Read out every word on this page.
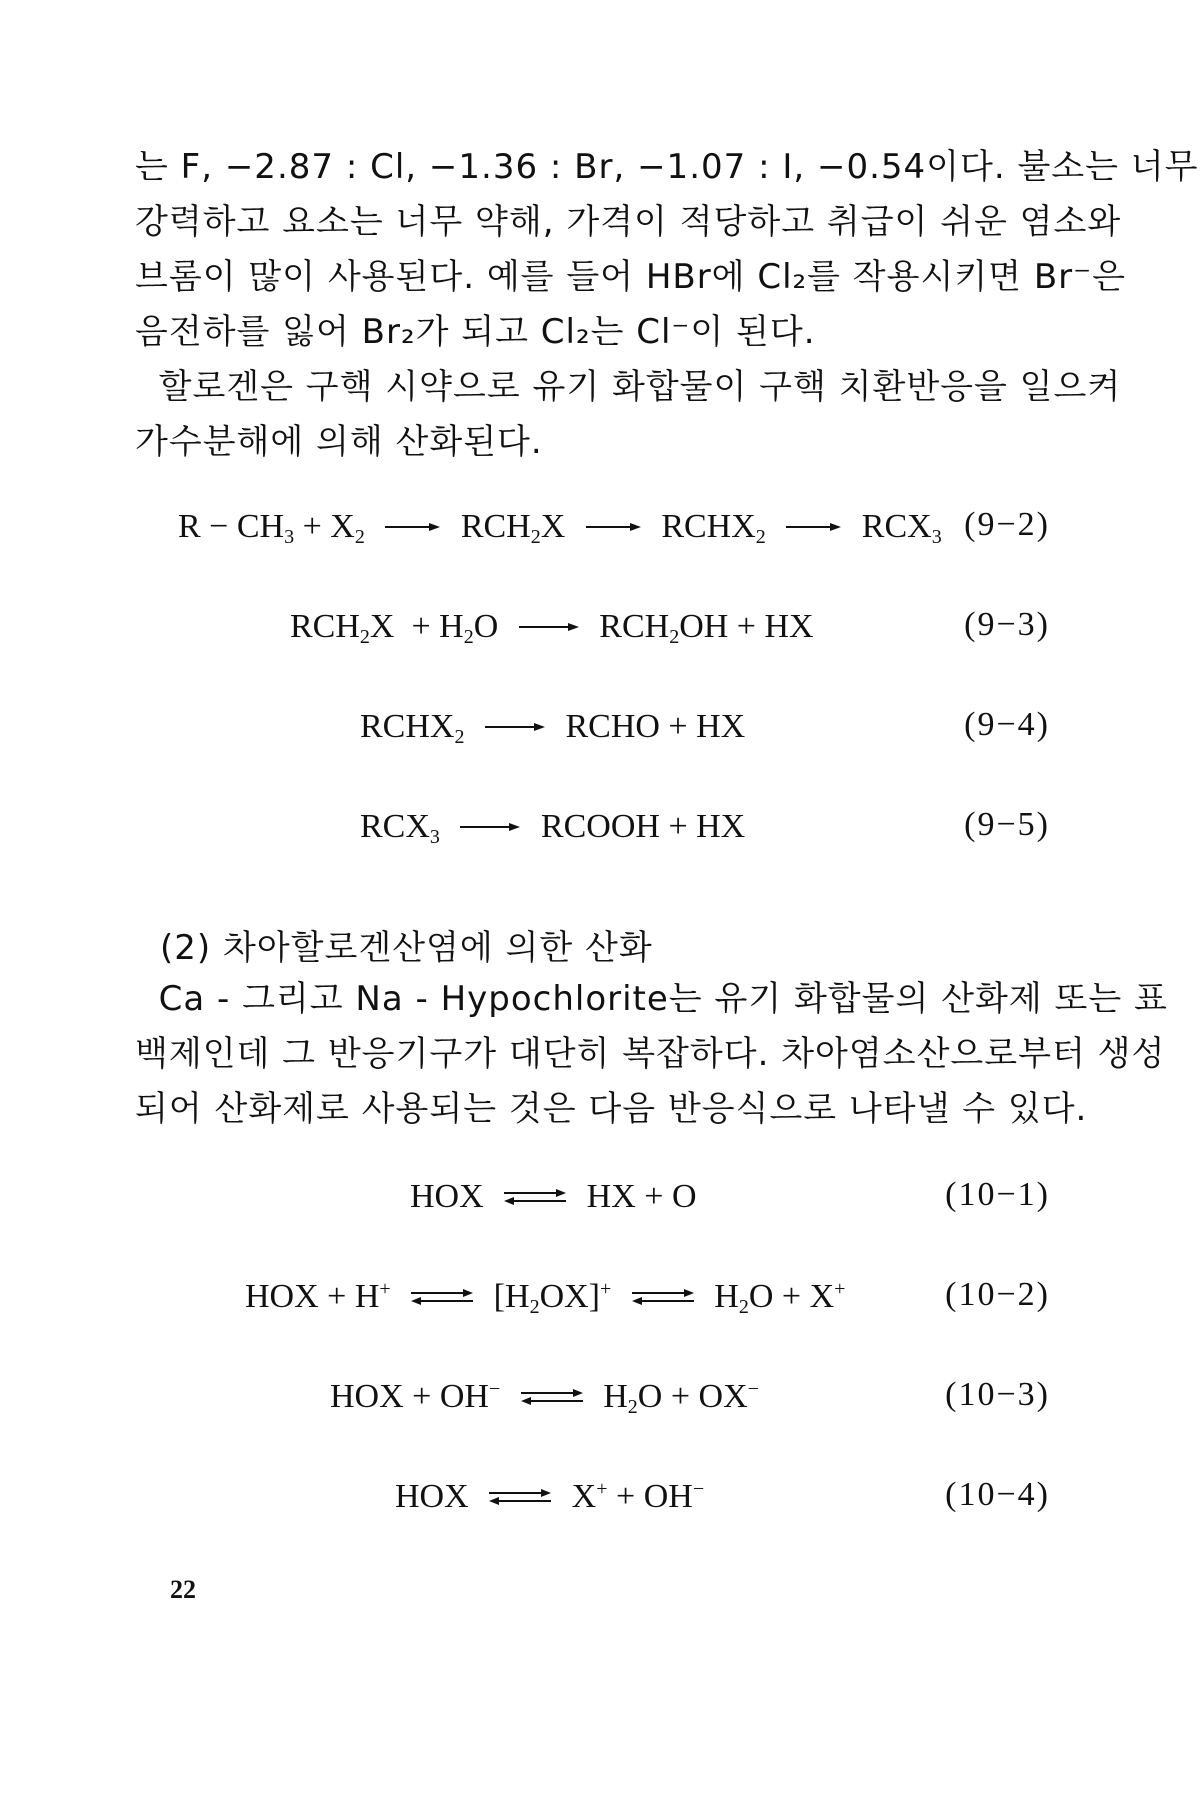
는 F, −2.87 : Cl, −1.36 : Br, −1.07 : I, −0.54이다. 불소는 너무
강력하고 요소는 너무 약해, 가격이 적당하고 취급이 쉬운 염소와
브롬이 많이 사용된다. 예를 들어 HBr에 Cl₂를 작용시키면 Br⁻은
음전하를 잃어 Br₂가 되고 Cl₂는 Cl⁻이 된다.
할로겐은 구핵 시약으로 유기 화합물이 구핵 치환반응을 일으켜
가수분해에 의해 산화된다.
$R - CH_3 + X_2$	$RCH_2X$	$RCHX_2$	$RCX_3$ (9−2)
$RCH_2X + H_2O$	$RCH_2OH$ + HX	(9−3)
$RCHX_2$	RCHO + HX	(9−4)
$RCX_3$	RCOOH + HX	(9−5)
(2) 차아할로겐산염에 의한 산화
Ca - 그리고 Na - Hypochlorite는 유기 화합물의 산화제 또는 표
백제인데 그 반응기구가 대단히 복잡하다. 차아염소산으로부터 생성
되어 산화제로 사용되는 것은 다음 반응식으로 나타낼 수 있다.
HOX ⇌ HX + O	(10−1)
HOX + H+ ⇌ $[H_2OX]^+$ ⇌ $H_2O + X^+$	(10−2)
HOX + OH− ⇌ $H_2O + OX^-$	(10−3)
HOX ⇌ X+ + OH−	(10−4)
22
